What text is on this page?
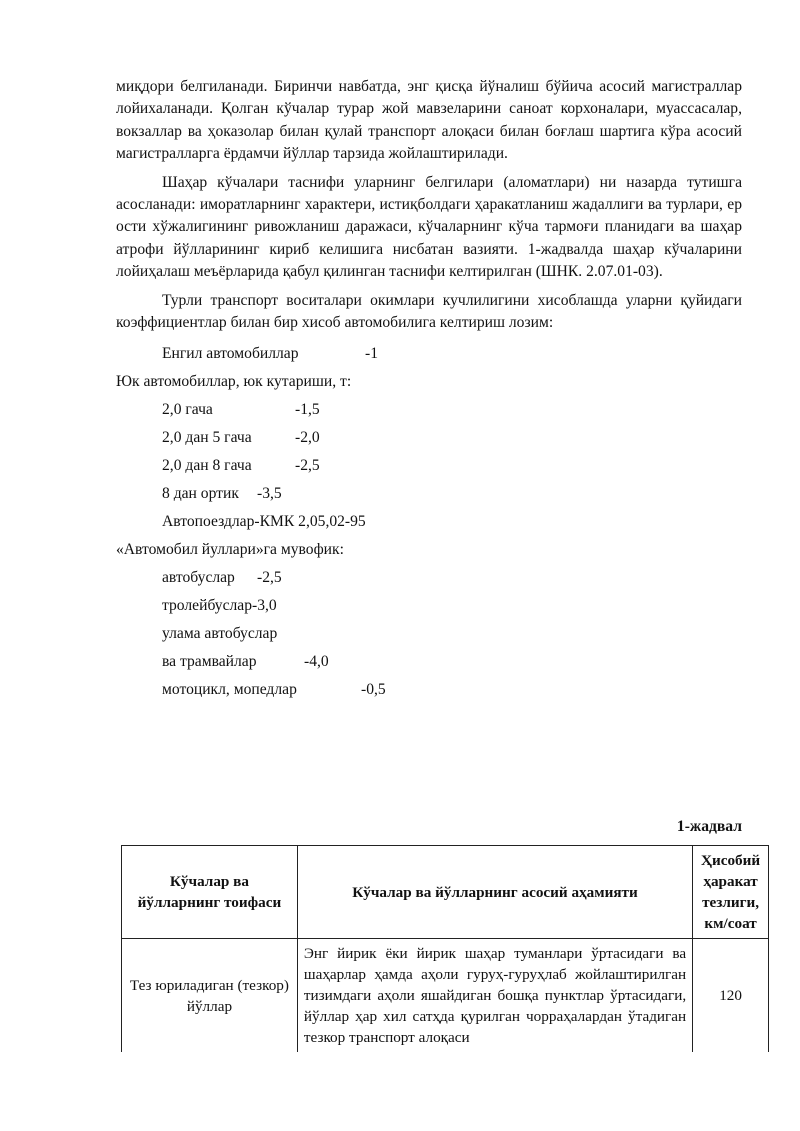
миқдори белгиланади. Биринчи навбатда, энг қисқа йўналиш бўйича асосий магистраллар лойихаланади. Қолган кўчалар турар жой мавзеларини саноат корхоналари, муассасалар, вокзаллар ва ҳоказолар билан қулай транспорт алоқаси билан боғлаш шартига кўра асосий магистралларга ёрдамчи йўллар тарзида жойлаштирилади.

Шаҳар кўчалари таснифи уларнинг белгилари (аломатлари) ни назарда тутишга асосланади: иморатларнинг характери, истиқболдаги ҳаракатланиш жадаллиги ва турлари, ер ости хўжалигининг ривожланиш даражаси, кўчаларнинг кўча тармоғи планидаги ва шаҳар атрофи йўлларининг кириб келишига нисбатан вазияти. 1-жадвалда шаҳар кўчаларини лойиҳалаш меъёрларида қабул қилинган таснифи келтирилган (ШНК. 2.07.01-03).

Турли транспорт воситалари окимлари кучлилигини хисоблашда уларни қуйидаги коэффициентлар билан бир хисоб автомобилига келтириш лозим:

Енгил автомобиллар	-1
Юк автомобиллар, юк кутариши, т:
2,0 гача	-1,5
2,0 дан 5 гача	-2,0
2,0 дан 8 гача	-2,5
8 дан ортик	-3,5
Автопоездлар-КМК 2,05,02-95
«Автомобил йуллари»га мувофик:
автобуслар	-2,5
тролейбуслар -3,0
улама автобуслар
ва трамвайлар	-4,0
мотоцикл, мопедлар	-0,5
1-жадвал
Кўчалар ва йўлларнинг тоифаси	Кўчалар ва йўлларнинг асосий аҳамияти	Ҳисобий ҳаракат тезлиги, км/соат
Тез юриладиган (тезкор) йўллар	Энг йирик ёки йирик шаҳар туманлари ўртасидаги ва шаҳарлар ҳамда аҳоли гуруҳ-гуруҳлаб жойлаштирилган тизимдаги аҳоли яшайдиган бошқа пунктлар ўртасидаги, йўллар ҳар хил сатҳда қурилган чорраҳалардан ўтадиган тезкор транспорт алоқаси	120
